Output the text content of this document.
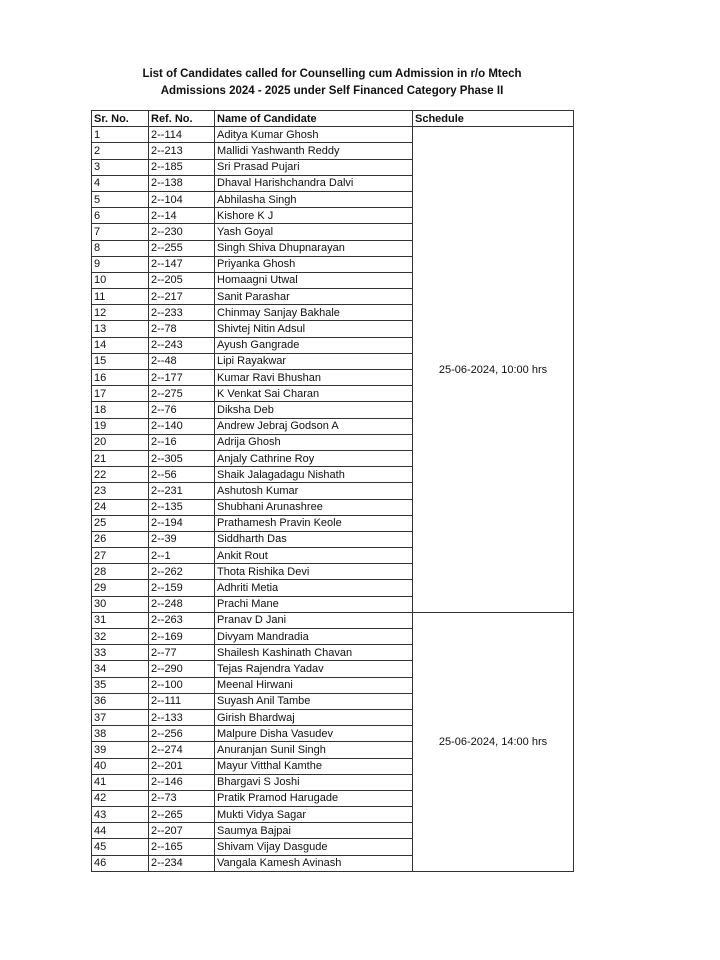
List of Candidates called for Counselling cum Admission in r/o Mtech
Admissions 2024 - 2025 under Self Financed Category Phase II
Sr. No.	Ref. No.	Name of Candidate	Schedule
1	2--114	Aditya Kumar Ghosh	25-06-2024, 10:00 hrs
2	2--213	Mallidi Yashwanth Reddy	
3	2--185	Sri Prasad Pujari	
4	2--138	Dhaval Harishchandra Dalvi	
5	2--104	Abhilasha Singh	
6	2--14	Kishore K J	
7	2--230	Yash Goyal	
8	2--255	Singh Shiva Dhupnarayan	
9	2--147	Priyanka Ghosh	
10	2--205	Homaagni Utwal	
11	2--217	Sanit Parashar	
12	2--233	Chinmay Sanjay Bakhale	
13	2--78	Shivtej Nitin Adsul	
14	2--243	Ayush Gangrade	
15	2--48	Lipi Rayakwar	
16	2--177	Kumar Ravi Bhushan	
17	2--275	K Venkat Sai Charan	
18	2--76	Diksha Deb	
19	2--140	Andrew Jebraj Godson A	
20	2--16	Adrija Ghosh	
21	2--305	Anjaly Cathrine Roy	
22	2--56	Shaik Jalagadagu Nishath	
23	2--231	Ashutosh Kumar	
24	2--135	Shubhani Arunashree	
25	2--194	Prathamesh Pravin Keole	
26	2--39	Siddharth Das	
27	2--1	Ankit Rout	
28	2--262	Thota Rishika Devi	
29	2--159	Adhriti Metia	
30	2--248	Prachi Mane	
31	2--263	Pranav D Jani	25-06-2024, 14:00 hrs
32	2--169	Divyam Mandradia	
33	2--77	Shailesh Kashinath Chavan	
34	2--290	Tejas Rajendra Yadav	
35	2--100	Meenal Hirwani	
36	2--111	Suyash Anil Tambe	
37	2--133	Girish Bhardwaj	
38	2--256	Malpure Disha Vasudev	
39	2--274	Anuranjan Sunil Singh	
40	2--201	Mayur Vitthal Kamthe	
41	2--146	Bhargavi S Joshi	
42	2--73	Pratik Pramod Harugade	
43	2--265	Mukti Vidya Sagar	
44	2--207	Saumya Bajpai	
45	2--165	Shivam Vijay Dasgude	
46	2--234	Vangala Kamesh Avinash	
